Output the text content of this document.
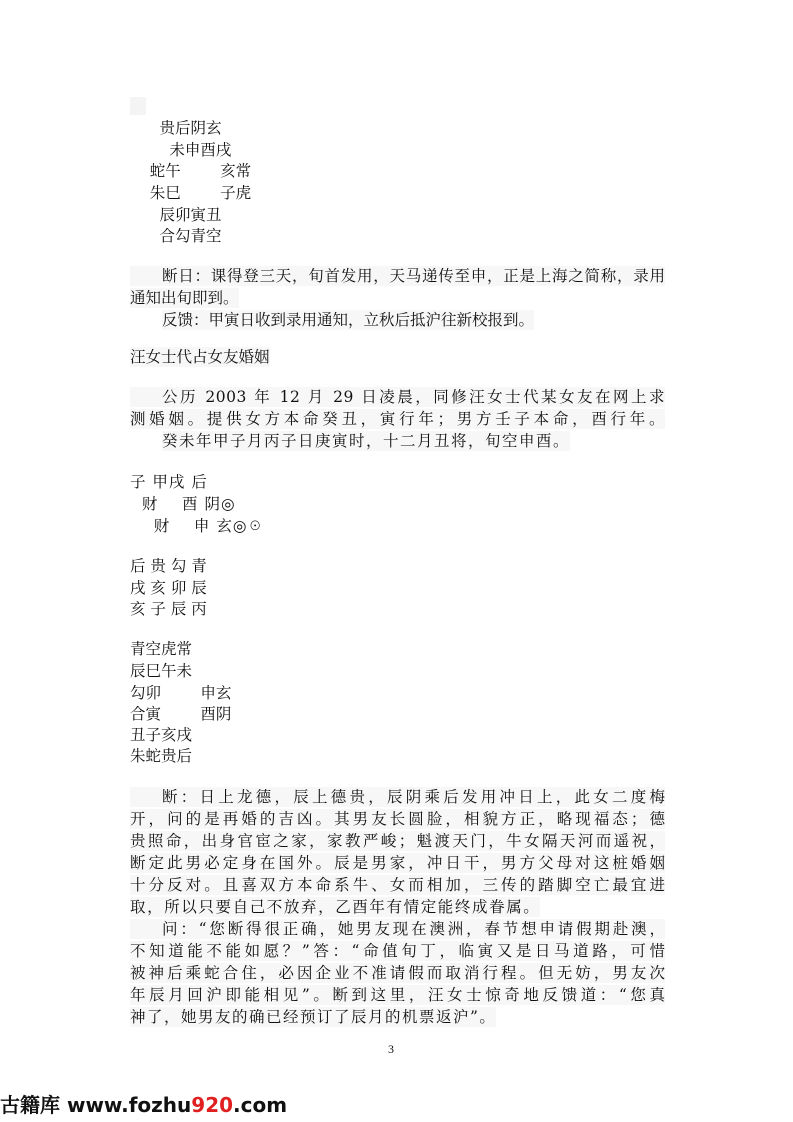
贵后阴玄
未申酉戌
蛇午        亥常
朱巳        子虎
辰卯寅丑
合勾青空
断日：课得登三天，旬首发用，天马递传至申，正是上海之简称，录用
通知出旬即到。
反馈：甲寅日收到录用通知，立秋后抵沪往新校报到。
汪女士代占女友婚姻
公历 2003 年 12 月 29 日凌晨，同修汪女士代某女友在网上求
测婚姻。提供女方本命癸丑，寅行年；男方壬子本命，酉行年。
癸未年甲子月丙子日庚寅时，十二月丑将，旬空申酉。
子 甲戌 后
财    酉 阴◎
财    申 玄◎☉
后 贵 勾 青
戌 亥 卯 辰
亥 子 辰 丙
青空虎常
辰巳午未
勾卯        申玄
合寅        酉阴
丑子亥戌
朱蛇贵后
断：日上龙德，辰上德贵，辰阴乘后发用冲日上，此女二度梅
开，问的是再婚的吉凶。其男友长圆脸，相貌方正，略现福态；德
贵照命，出身官宦之家，家教严峻；魁渡天门，牛女隔天河而遥祝，
断定此男必定身在国外。辰是男家，冲日干，男方父母对这桩婚姻
十分反对。且喜双方本命系牛、女而相加，三传的踏脚空亡最宜进
取，所以只要自己不放弃，乙酉年有情定能终成眷属。
问：“您断得很正确，她男友现在澳洲，春节想申请假期赴澳，
不知道能不能如愿？”答：“命值旬丁，临寅又是日马道路，可惜
被神后乘蛇合住，必因企业不准请假而取消行程。但无妨，男友次
年辰月回沪即能相见”。断到这里，汪女士惊奇地反馈道：“您真
神了，她男友的确已经预订了辰月的机票返沪”。
3
古籍库 www.fozhu920.com
